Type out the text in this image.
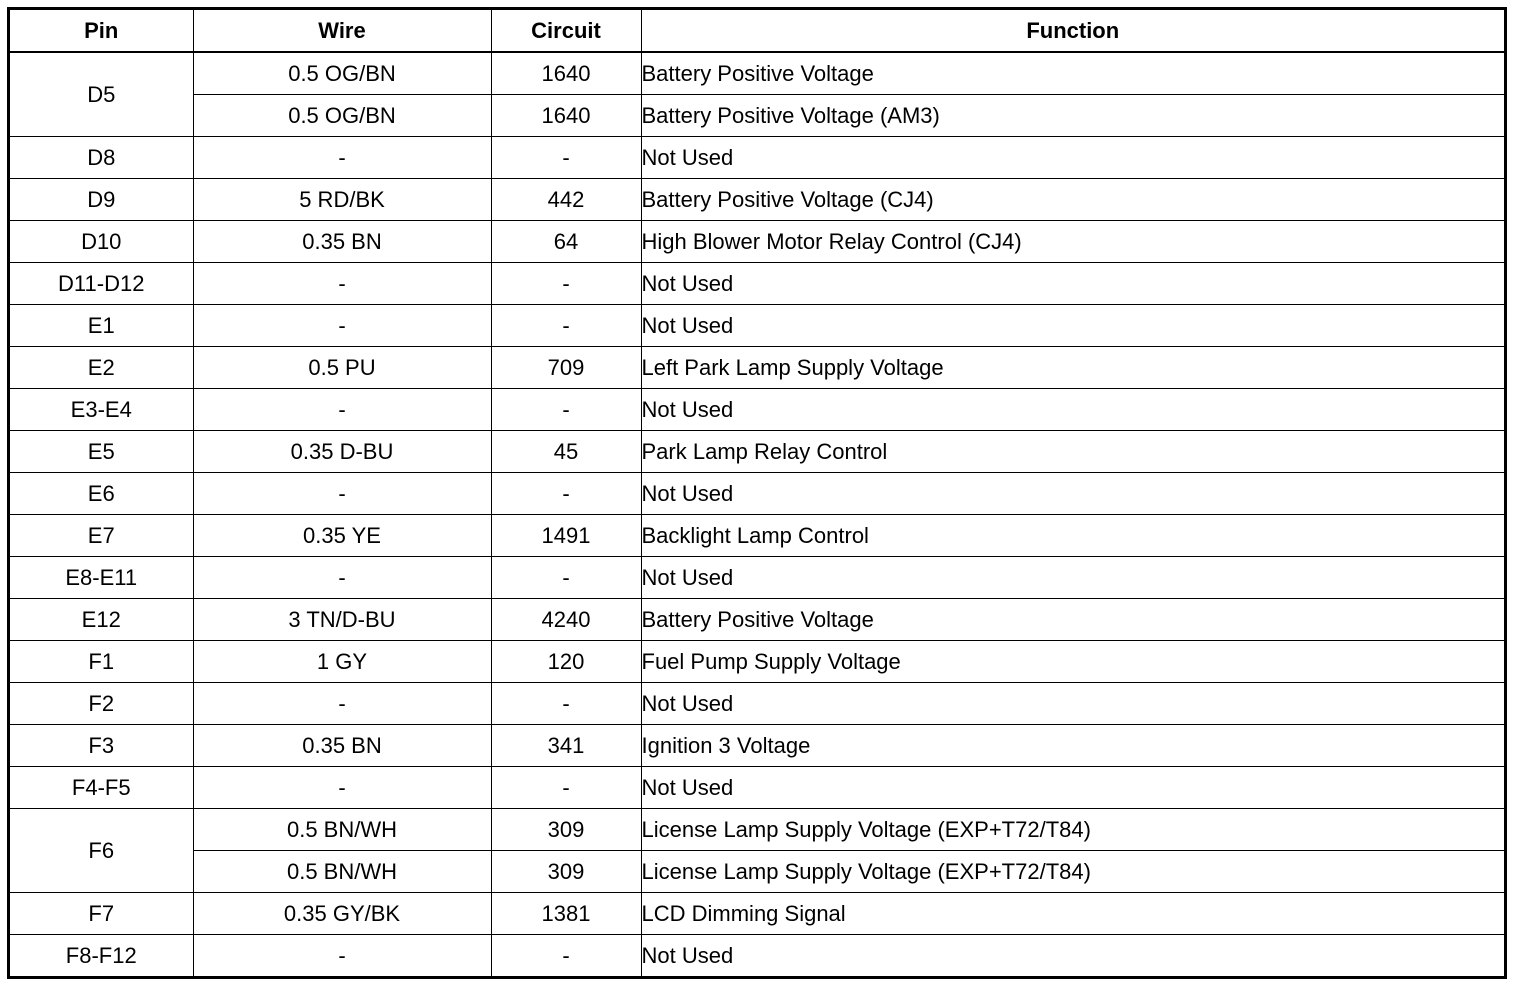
Pin	Wire	Circuit	Function
D5	0.5 OG/BN	1640	Battery Positive Voltage
	0.5 OG/BN	1640	Battery Positive Voltage (AM3)
D8	-	-	Not Used
D9	5 RD/BK	442	Battery Positive Voltage (CJ4)
D10	0.35 BN	64	High Blower Motor Relay Control (CJ4)
D11-D12	-	-	Not Used
E1	-	-	Not Used
E2	0.5 PU	709	Left Park Lamp Supply Voltage
E3-E4	-	-	Not Used
E5	0.35 D-BU	45	Park Lamp Relay Control
E6	-	-	Not Used
E7	0.35 YE	1491	Backlight Lamp Control
E8-E11	-	-	Not Used
E12	3 TN/D-BU	4240	Battery Positive Voltage
F1	1 GY	120	Fuel Pump Supply Voltage
F2	-	-	Not Used
F3	0.35 BN	341	Ignition 3 Voltage
F4-F5	-	-	Not Used
F6	0.5 BN/WH	309	License Lamp Supply Voltage (EXP+T72/T84)
	0.5 BN/WH	309	License Lamp Supply Voltage (EXP+T72/T84)
F7	0.35 GY/BK	1381	LCD Dimming Signal
F8-F12	-	-	Not Used
